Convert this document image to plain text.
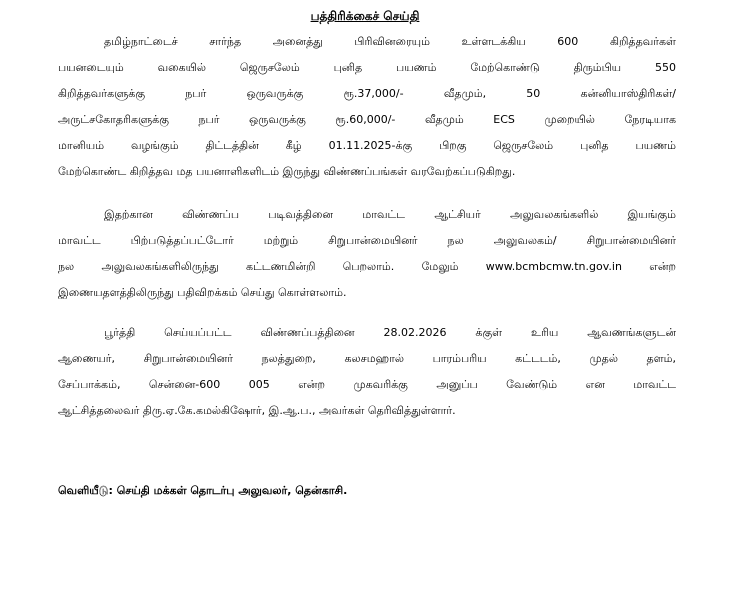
பத்திரிக்கைச் செய்தி
தமிழ்நாட்டைச் சார்ந்த அனைத்து பிரிவினரையும் உள்ளடக்கிய 600 கிறித்தவர்கள்
பயனடையும் வகையில் ஜெருசலேம் புனித பயணம் மேற்கொண்டு திரும்பிய 550
கிறித்தவர்களுக்கு நபர் ஒருவருக்கு ரூ.37,000/- வீதமும், 50 கன்னியாஸ்திரிகள்/
அருட்சகோதரிகளுக்கு நபர் ஒருவருக்கு ரூ.60,000/- வீதமும் ECS முறையில் நேரடியாக
மானியம் வழங்கும் திட்டத்தின் கீழ் 01.11.2025-க்கு பிறகு ஜெருசலேம் புனித பயணம்
மேற்கொண்ட கிறித்தவ மத பயனாளிகளிடம் இருந்து விண்ணப்பங்கள் வரவேற்கப்படுகிறது.
இதற்கான விண்ணப்ப படிவத்தினை மாவட்ட ஆட்சியர் அலுவலகங்களில் இயங்கும்
மாவட்ட பிற்படுத்தப்பட்டோர் மற்றும் சிறுபான்மையினர் நல அலுவலகம்/ சிறுபான்மையினர்
நல அலுவலகங்களிலிருந்து கட்டணமின்றி பெறலாம். மேலும் www.bcmbcmw.tn.gov.in என்ற
இணையதளத்திலிருந்து பதிவிறக்கம் செய்து கொள்ளலாம்.
பூர்த்தி செய்யப்பட்ட விண்ணப்பத்தினை 28.02.2026 க்குள் உரிய ஆவணங்களுடன்
ஆணையர், சிறுபான்மையினர் நலத்துறை, கலசமஹால் பாரம்பரிய கட்டடம், முதல் தளம்,
சேப்பாக்கம், சென்னை-600 005 என்ற முகவரிக்கு அனுப்ப வேண்டும் என மாவட்ட
ஆட்சித்தலைவர் திரு.ஏ.கே.கமல்கிஷோர், இ.ஆ.ப., அவர்கள் தெரிவித்துள்ளார்.
வெளியீடு: செய்தி மக்கள் தொடர்பு அலுவலர், தென்காசி.
